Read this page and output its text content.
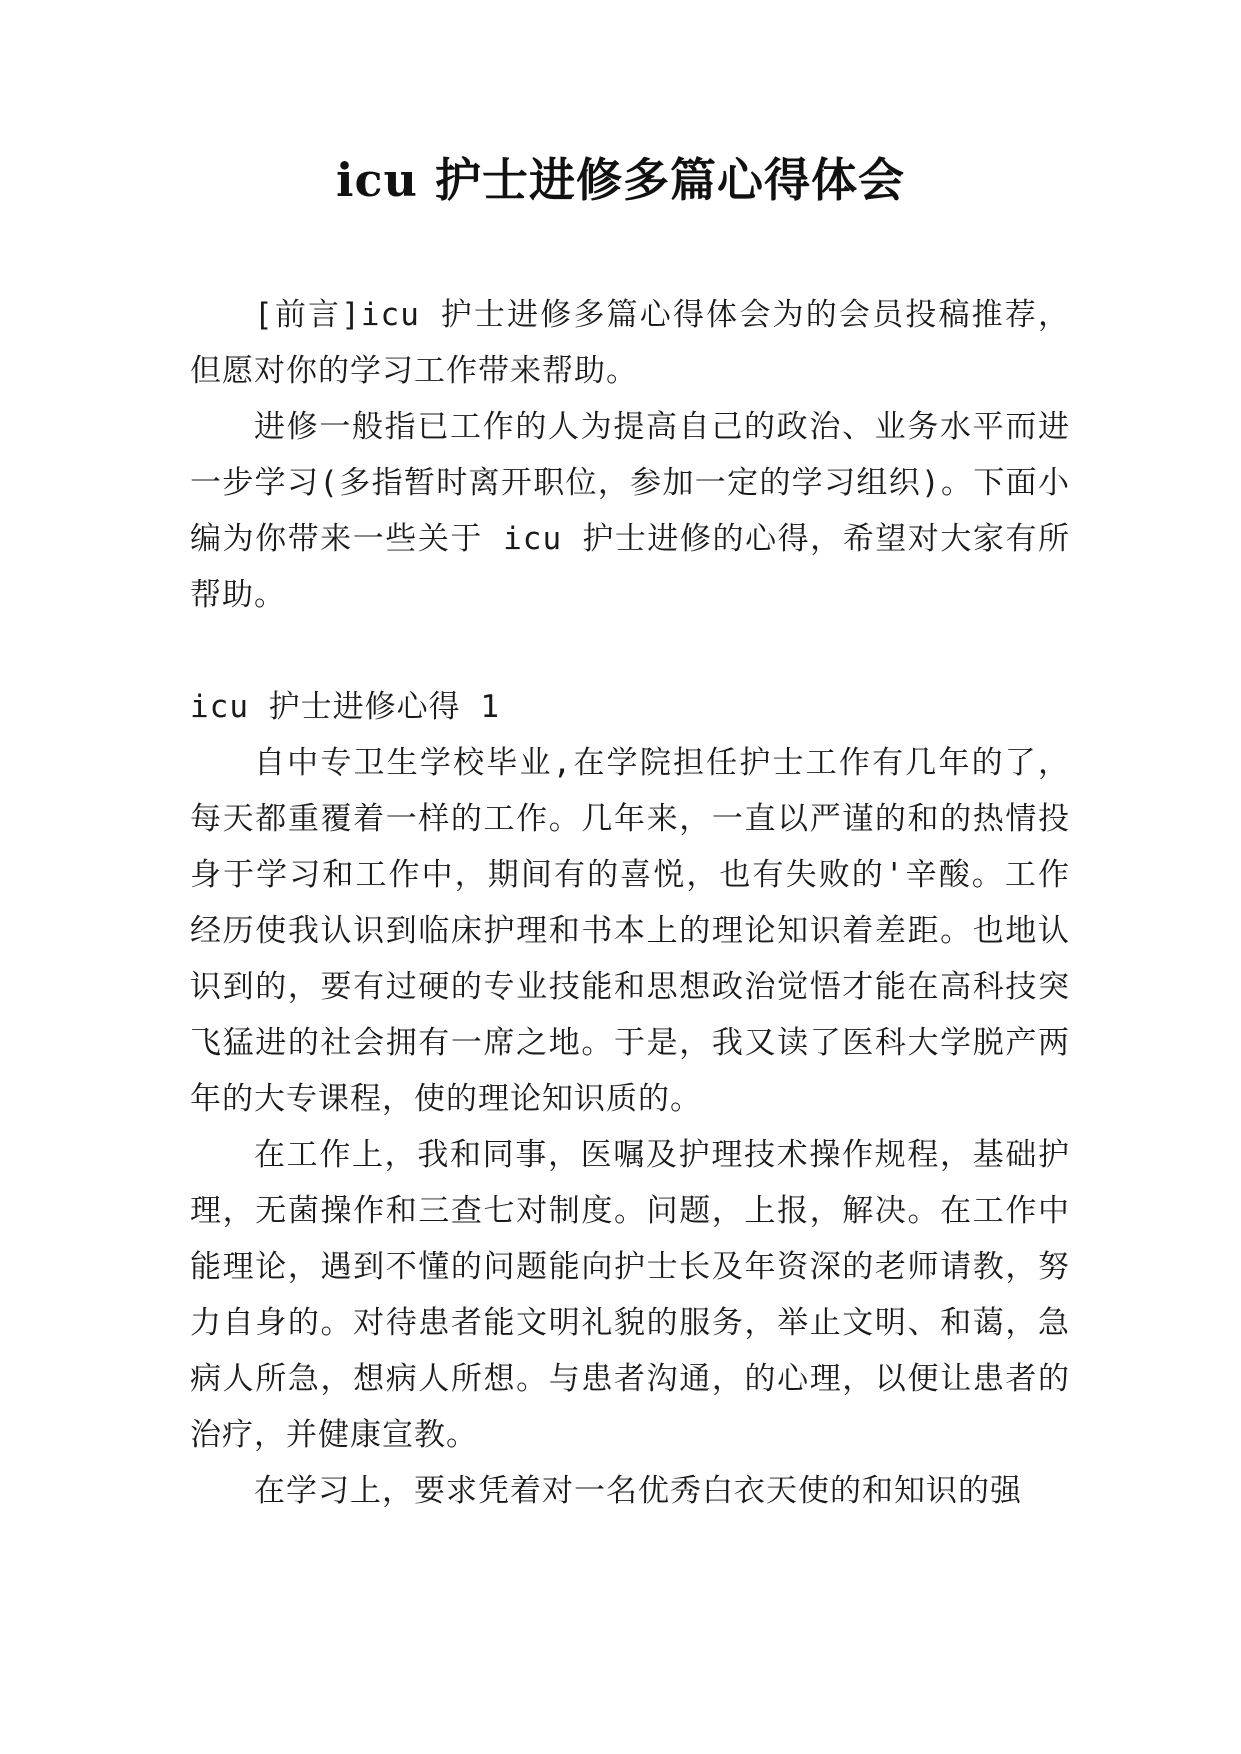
icu 护士进修多篇心得体会

[前言]icu 护士进修多篇心得体会为的会员投稿推荐，但愿对你的学习工作带来帮助。

进修一般指已工作的人为提高自己的政治、业务水平而进一步学习(多指暂时离开职位，参加一定的学习组织)。下面小编为你带来一些关于 icu 护士进修的心得，希望对大家有所帮助。

icu 护士进修心得 1

自中专卫生学校毕业,在学院担任护士工作有几年的了，每天都重覆着一样的工作。几年来，一直以严谨的和的热情投身于学习和工作中，期间有的喜悦，也有失败的'辛酸。工作经历使我认识到临床护理和书本上的理论知识着差距。也地认识到的，要有过硬的专业技能和思想政治觉悟才能在高科技突飞猛进的社会拥有一席之地。于是，我又读了医科大学脱产两年的大专课程，使的理论知识质的。

在工作上，我和同事，医嘱及护理技术操作规程，基础护理，无菌操作和三查七对制度。问题，上报，解决。在工作中能理论，遇到不懂的问题能向护士长及年资深的老师请教，努力自身的。对待患者能文明礼貌的服务，举止文明、和蔼，急病人所急，想病人所想。与患者沟通，的心理，以便让患者的治疗，并健康宣教。

在学习上，要求凭着对一名优秀白衣天使的和知识的强
